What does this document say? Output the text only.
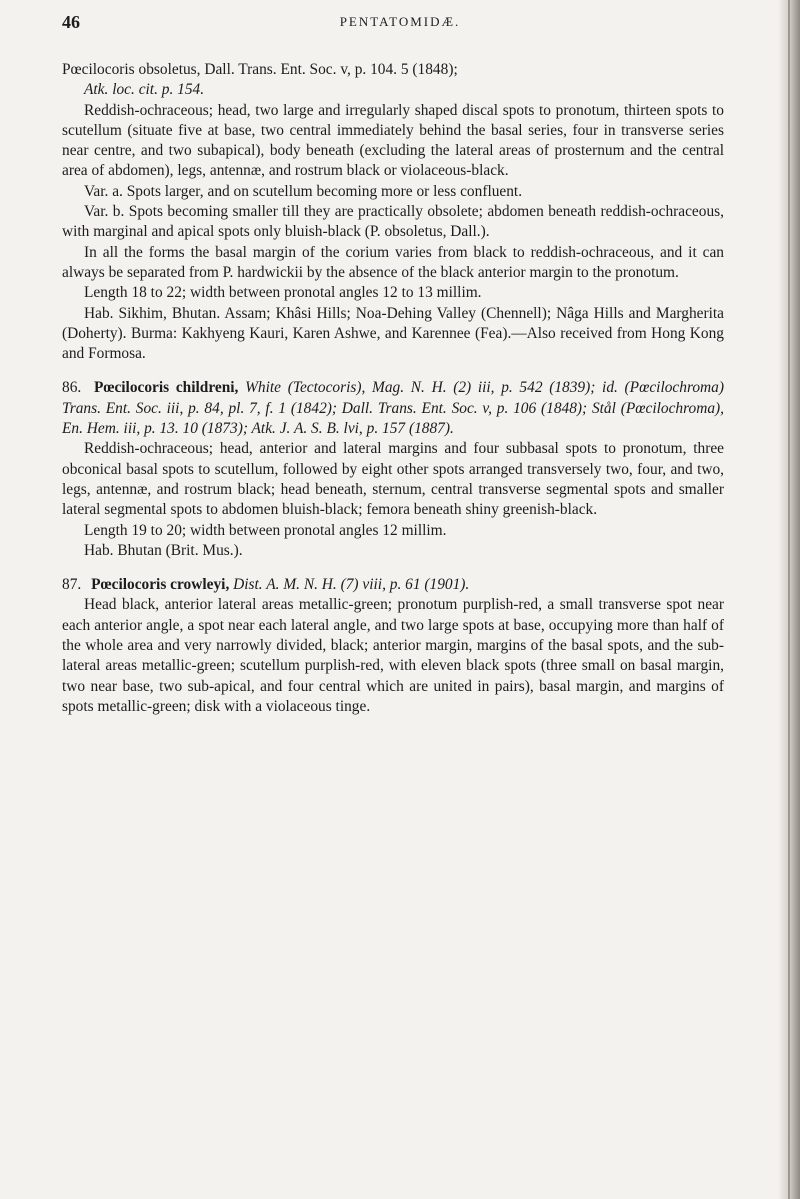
46	PENTATOMIDÆ.

Pœcilocoris obsoletus, Dall. Trans. Ent. Soc. v, p. 104. 5 (1848);

Atk. loc. cit. p. 154.

Reddish-ochraceous; head, two large and irregularly shaped discal spots to pronotum, thirteen spots to scutellum (situate five at base, two central immediately behind the basal series, four in transverse series near centre, and two subapical), body beneath (excluding the lateral areas of prosternum and the central area of abdomen), legs, antennæ, and rostrum black or violaceous-black.

Var. a. Spots larger, and on scutellum becoming more or less confluent.

Var. b. Spots becoming smaller till they are practically obsolete; abdomen beneath reddish-ochraceous, with marginal and apical spots only bluish-black (P. obsoletus, Dall.).

In all the forms the basal margin of the corium varies from black to reddish-ochraceous, and it can always be separated from P. hardwickii by the absence of the black anterior margin to the pronotum.

Length 18 to 22; width between pronotal angles 12 to 13 millim.

Hab. Sikhim, Bhutan. Assam; Khâsi Hills; Noa-Dehing Valley (Chennell); Nâga Hills and Margherita (Doherty). Burma: Kakhyeng Kauri, Karen Ashwe, and Karennee (Fea).—Also received from Hong Kong and Formosa.

86. Pœcilocoris childreni, White (Tectocoris), Mag. N. H. (2) iii, p. 542 (1839); id. (Pœcilochroma) Trans. Ent. Soc. iii, p. 84, pl. 7, f. 1 (1842); Dall. Trans. Ent. Soc. v, p. 106 (1848); Stål (Pœcilochroma), En. Hem. iii, p. 13. 10 (1873); Atk. J. A. S. B. lvi, p. 157 (1887).

Reddish-ochraceous; head, anterior and lateral margins and four subbasal spots to pronotum, three obconical basal spots to scutellum, followed by eight other spots arranged transversely two, four, and two, legs, antennæ, and rostrum black; head beneath, sternum, central transverse segmental spots and smaller lateral segmental spots to abdomen bluish-black; femora beneath shiny greenish-black.

Length 19 to 20; width between pronotal angles 12 millim.

Hab. Bhutan (Brit. Mus.).

87. Pœcilocoris crowleyi, Dist. A. M. N. H. (7) viii, p. 61 (1901).

Head black, anterior lateral areas metallic-green; pronotum purplish-red, a small transverse spot near each anterior angle, a spot near each lateral angle, and two large spots at base, occupying more than half of the whole area and very narrowly divided, black; anterior margin, margins of the basal spots, and the sub-lateral areas metallic-green; scutellum purplish-red, with eleven black spots (three small on basal margin, two near base, two sub-apical, and four central which are united in pairs), basal margin, and margins of spots metallic-green; disk with a violaceous tinge.
